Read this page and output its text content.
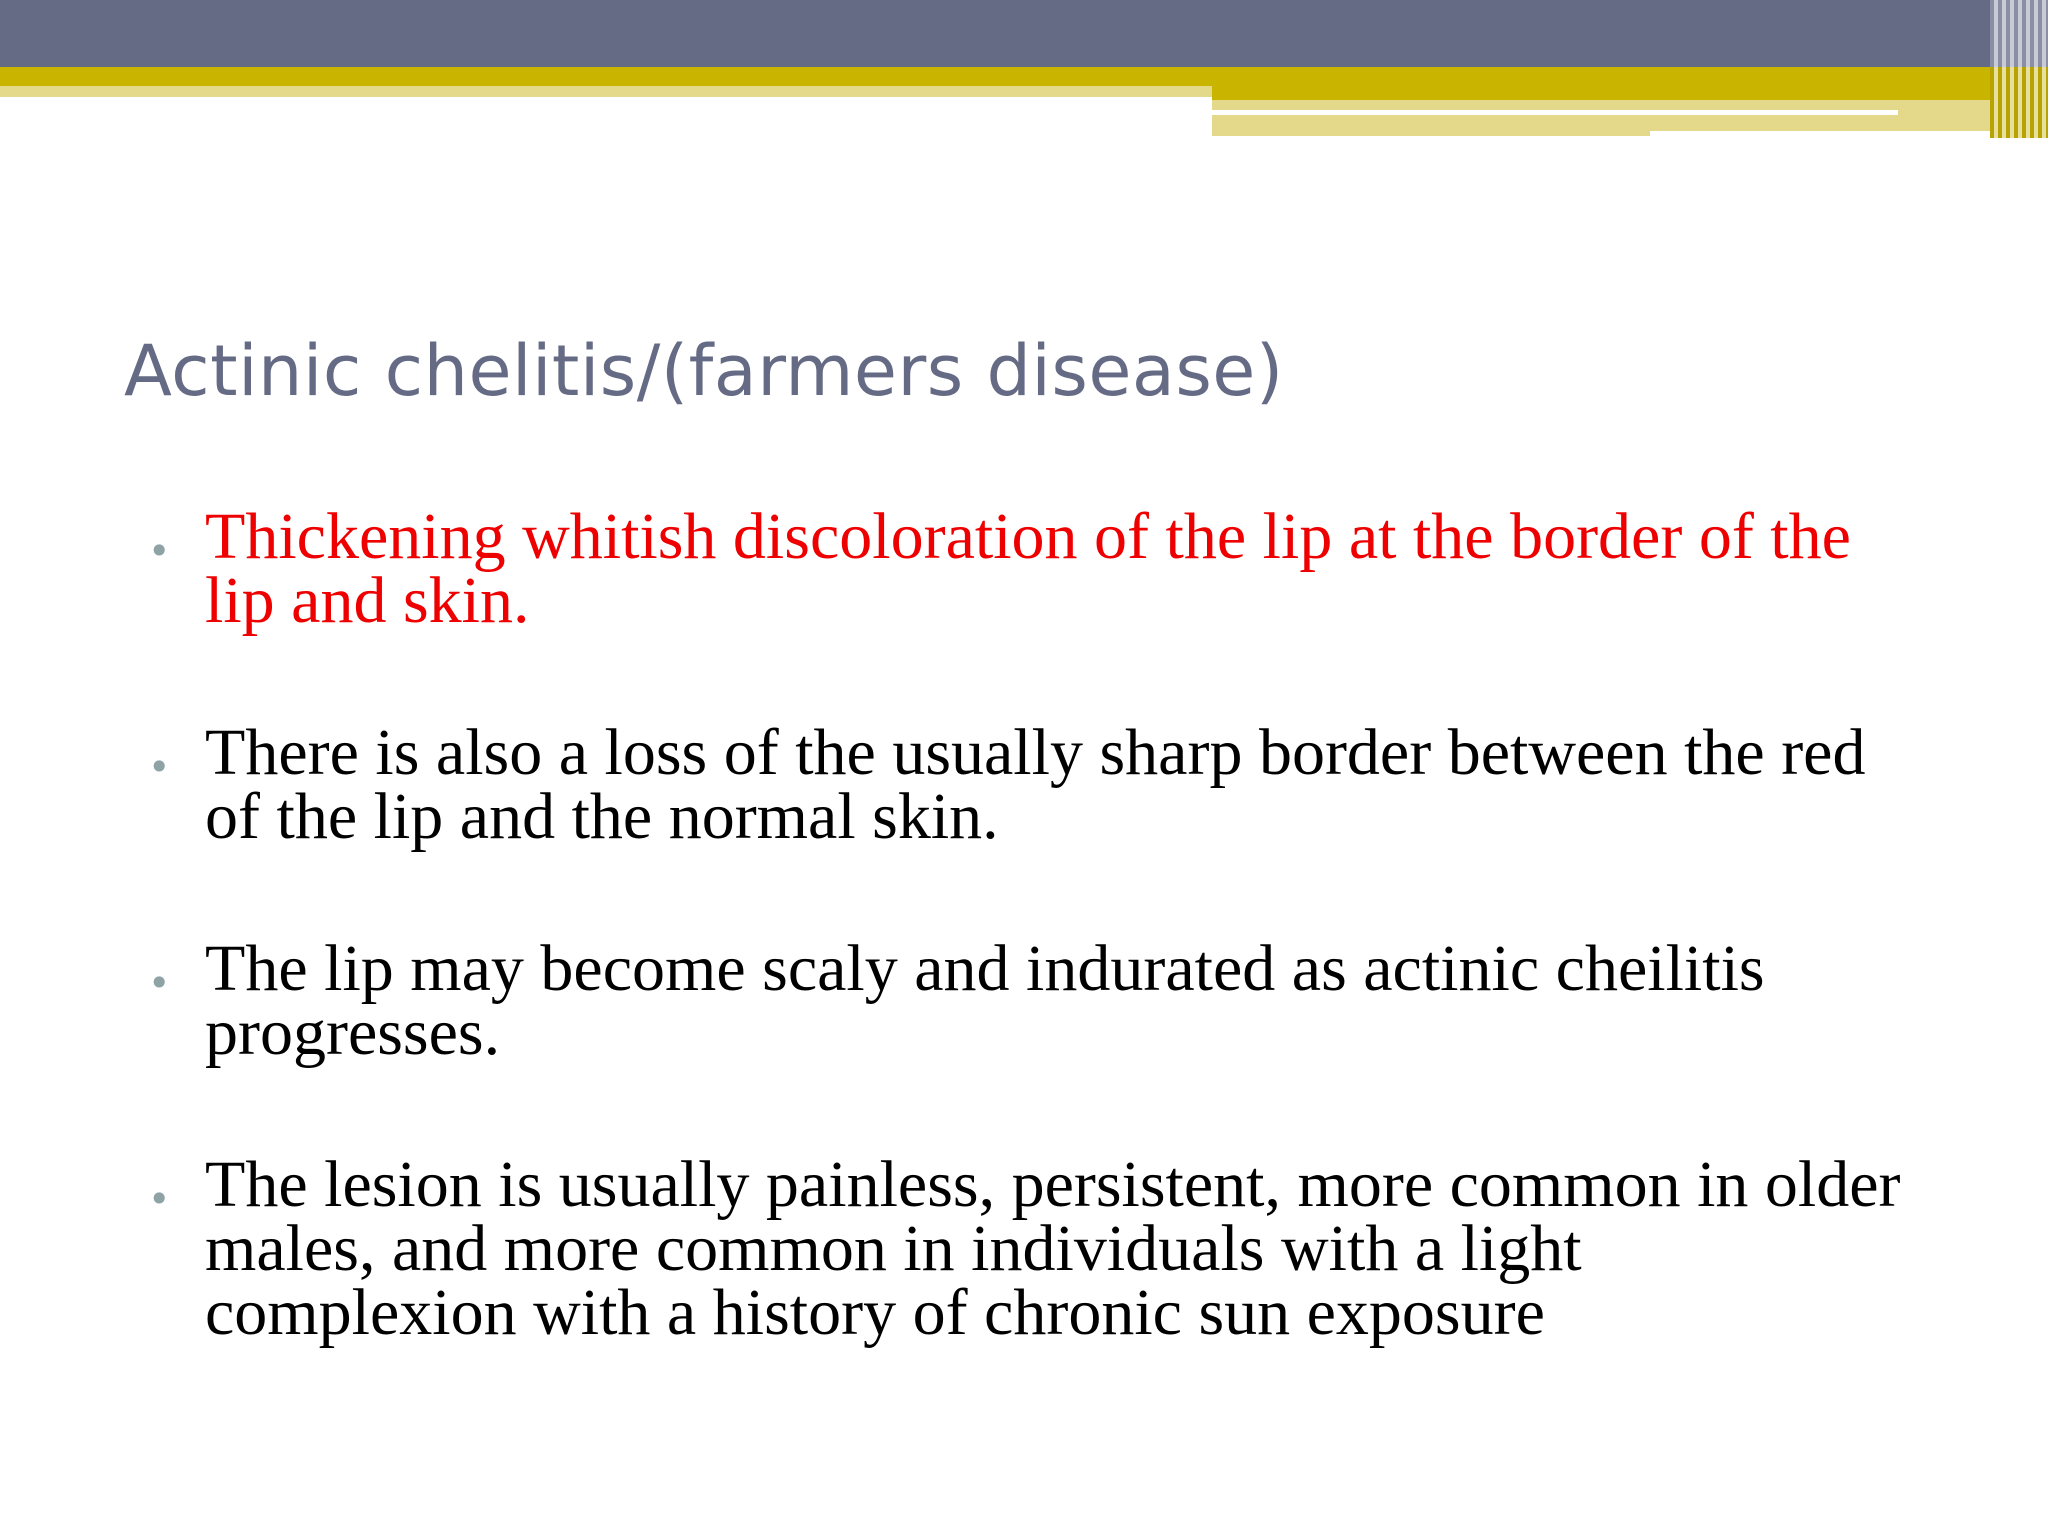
Actinic chelitis/(farmers disease)
• Thickening whitish discoloration of the lip at the border of the lip and skin.
• There is also a loss of the usually sharp border between the red of the lip and the normal skin.
• The lip may become scaly and indurated as actinic cheilitis progresses.
• The lesion is usually painless, persistent, more common in older males, and more common in individuals with a light complexion with a history of chronic sun exposure
